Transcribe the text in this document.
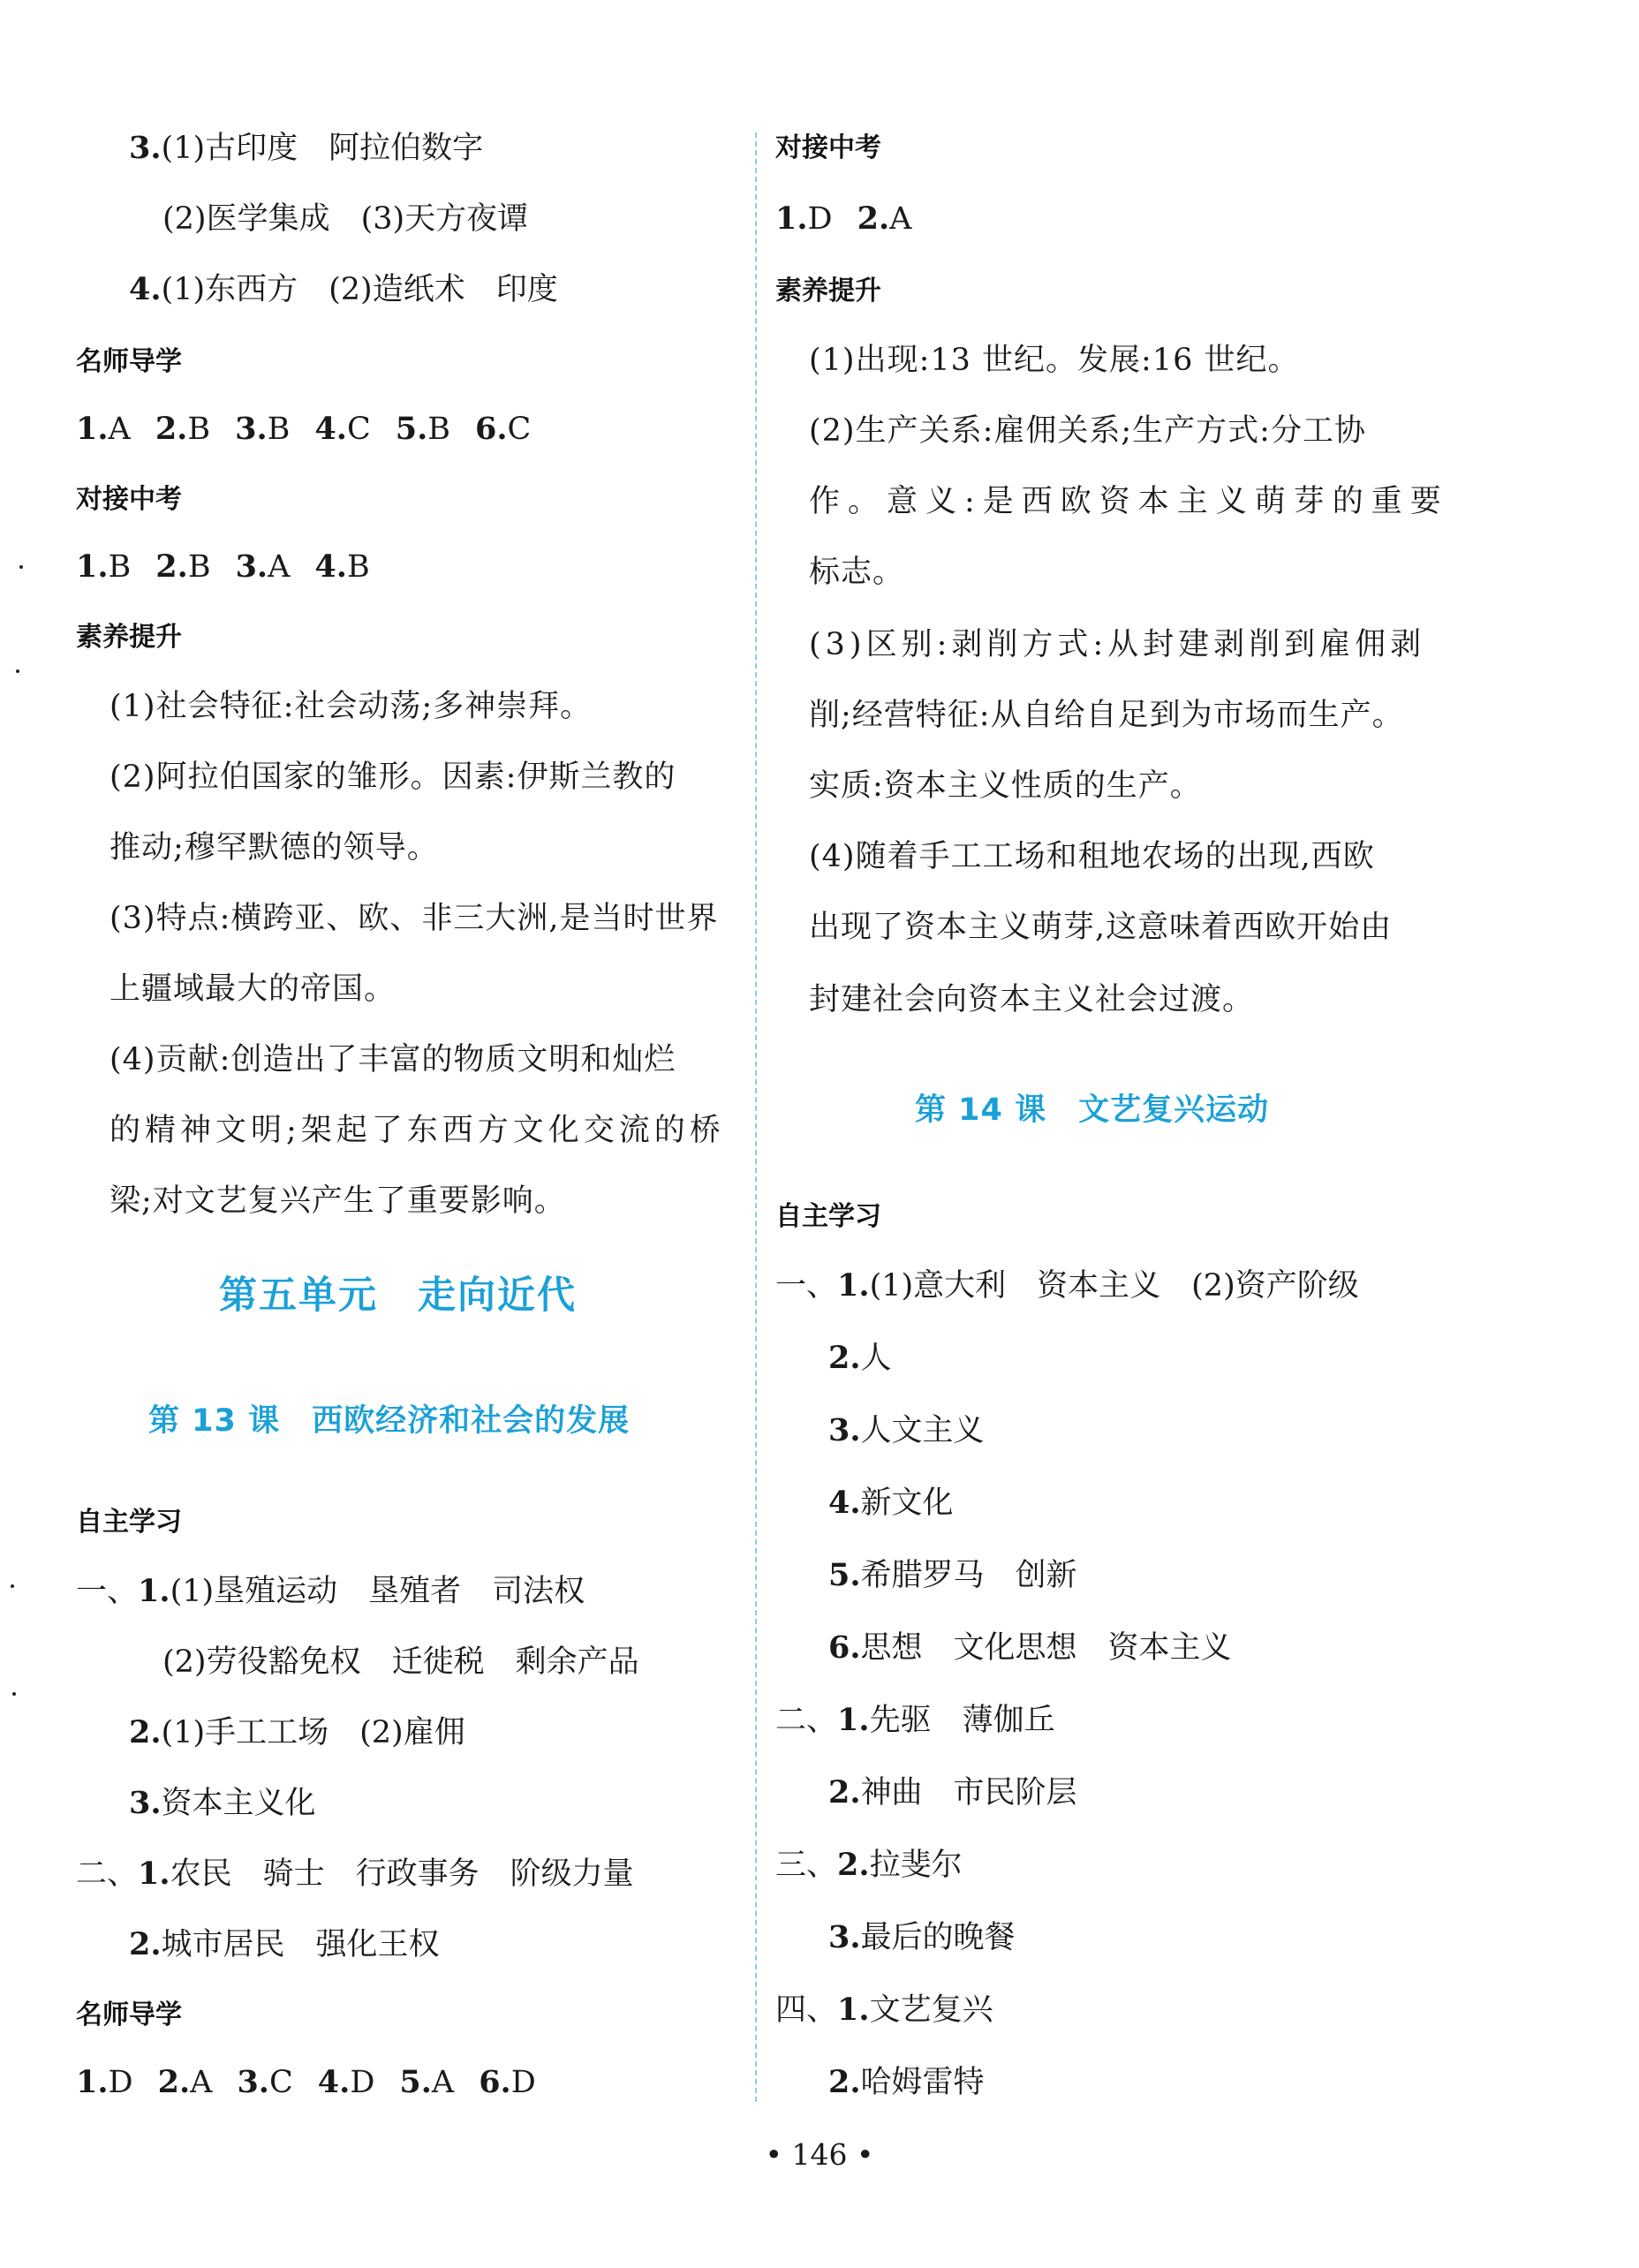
3.(1)古印度　阿拉伯数字
(2)医学集成　(3)天方夜谭
4.(1)东西方　(2)造纸术　印度
名师导学
1.A 2.B 3.B 4.C 5.B 6.C
对接中考
1.B 2.B 3.A 4.B
素养提升
(1)社会特征:社会动荡;多神崇拜。
(2)阿拉伯国家的雏形。因素:伊斯兰教的
推动;穆罕默德的领导。
(3)特点:横跨亚、欧、非三大洲,是当时世界
上疆域最大的帝国。
(4)贡献:创造出了丰富的物质文明和灿烂
的精神文明;架起了东西方文化交流的桥
梁;对文艺复兴产生了重要影响。
第五单元　走向近代
第 13 课　西欧经济和社会的发展
自主学习
一、1.(1)垦殖运动　垦殖者　司法权
(2)劳役豁免权　迁徙税　剩余产品
2.(1)手工工场　(2)雇佣
3.资本主义化
二、1.农民　骑士　行政事务　阶级力量
2.城市居民　强化王权
名师导学
1.D 2.A 3.C 4.D 5.A 6.D
对接中考
1.D 2.A
素养提升
(1)出现:13 世纪。发展:16 世纪。
(2)生产关系:雇佣关系;生产方式:分工协
作。意义:是西欧资本主义萌芽的重要
标志。
(3)区别:剥削方式:从封建剥削到雇佣剥
削;经营特征:从自给自足到为市场而生产。
实质:资本主义性质的生产。
(4)随着手工工场和租地农场的出现,西欧
出现了资本主义萌芽,这意味着西欧开始由
封建社会向资本主义社会过渡。
第 14 课　文艺复兴运动
自主学习
一、1.(1)意大利　资本主义　(2)资产阶级
2.人
3.人文主义
4.新文化
5.希腊罗马　创新
6.思想　文化思想　资本主义
二、1.先驱　薄伽丘
2.神曲　市民阶层
三、2.拉斐尔
3.最后的晚餐
四、1.文艺复兴
2.哈姆雷特
• 146 •
